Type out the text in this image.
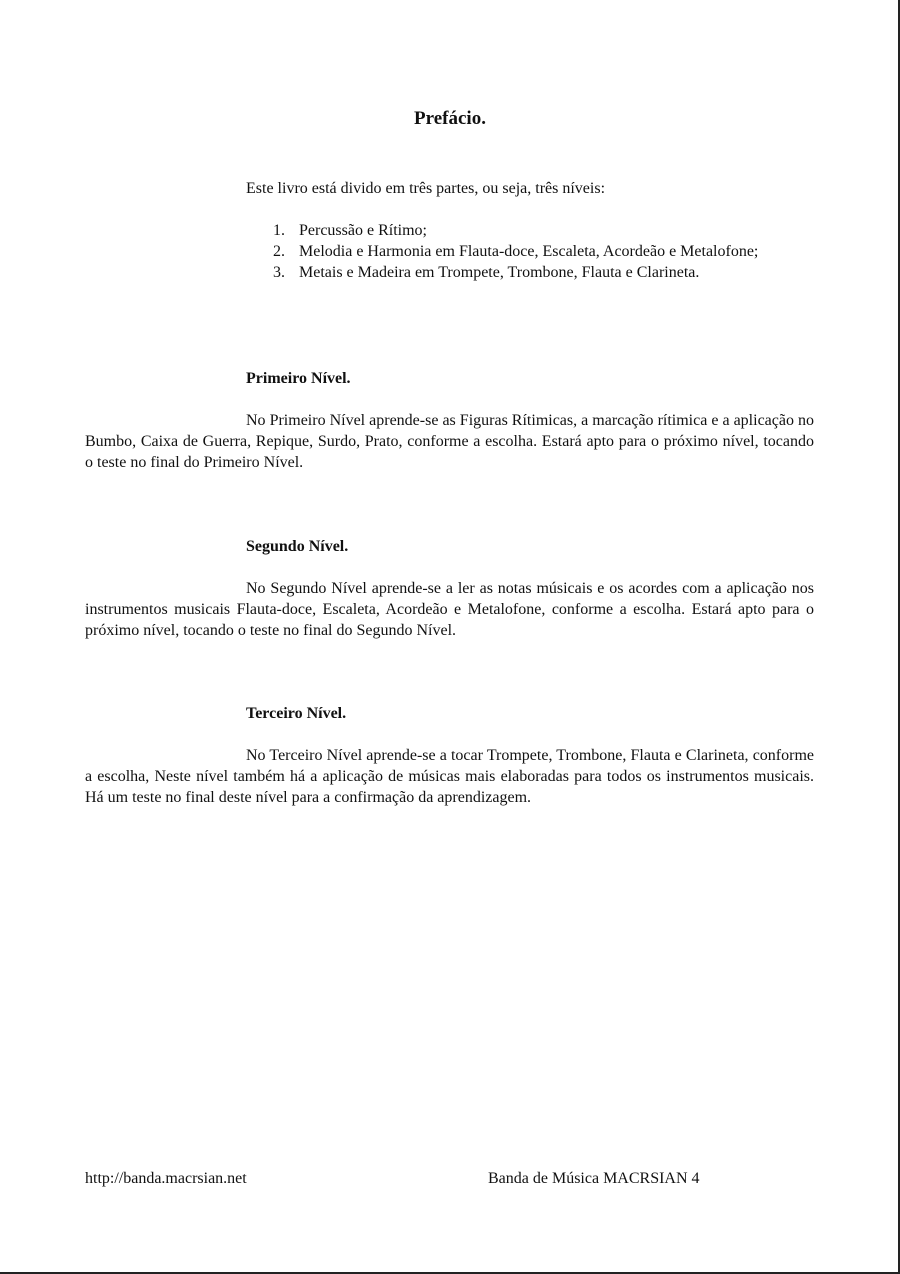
Prefácio.
Este livro está divido em três partes, ou seja, três níveis:
1. Percussão e Rítimo;
2. Melodia e Harmonia em Flauta-doce, Escaleta, Acordeão e Metalofone;
3. Metais e Madeira em Trompete, Trombone, Flauta e Clarineta.
Primeiro Nível.
No Primeiro Nível aprende-se as Figuras Rítimicas, a marcação rítimica e a aplicação no Bumbo, Caixa de Guerra, Repique, Surdo, Prato, conforme a escolha. Estará apto para o próximo nível, tocando o teste no final do Primeiro Nível.
Segundo Nível.
No Segundo Nível aprende-se a ler as notas músicais e os acordes com a aplicação nos instrumentos musicais Flauta-doce, Escaleta, Acordeão e Metalofone, conforme a escolha. Estará apto para o próximo nível, tocando o teste no final do Segundo Nível.
Terceiro Nível.
No Terceiro Nível aprende-se a tocar Trompete, Trombone, Flauta e Clarineta, conforme a escolha, Neste nível também há a aplicação de músicas mais elaboradas para todos os instrumentos musicais. Há um teste no final deste nível para a confirmação da aprendizagem.
http://banda.macrsian.net	Banda de Música MACRSIAN 4
